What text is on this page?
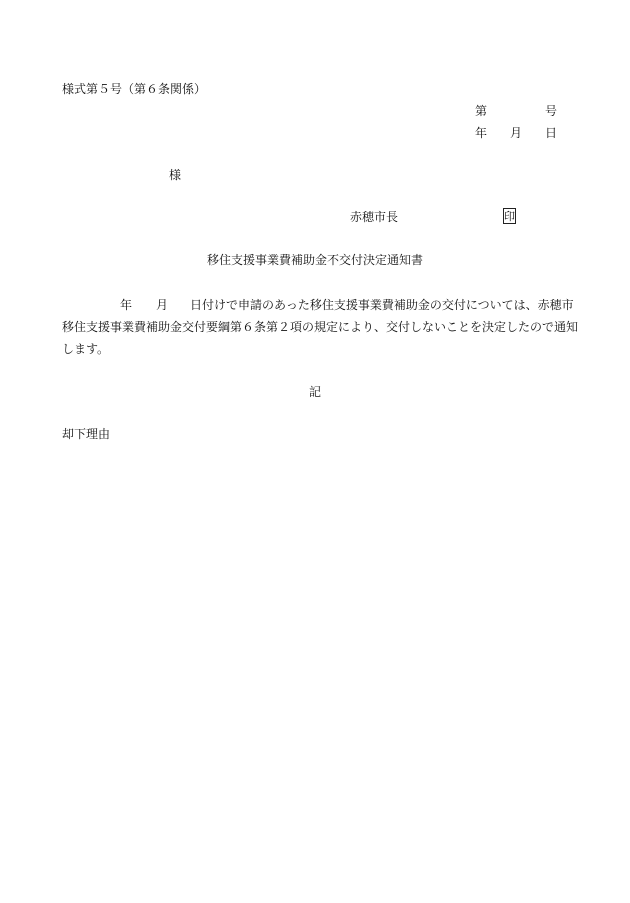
様式第５号（第６条関係）
第	号
年 月 日
様
赤穂市長	印
移住支援事業費補助金不交付決定通知書
年 月 日付けで申請のあった移住支援事業費補助金の交付については、赤穂市
移住支援事業費補助金交付要綱第６条第２項の規定により、交付しないことを決定したので通知
します。
記
却下理由
